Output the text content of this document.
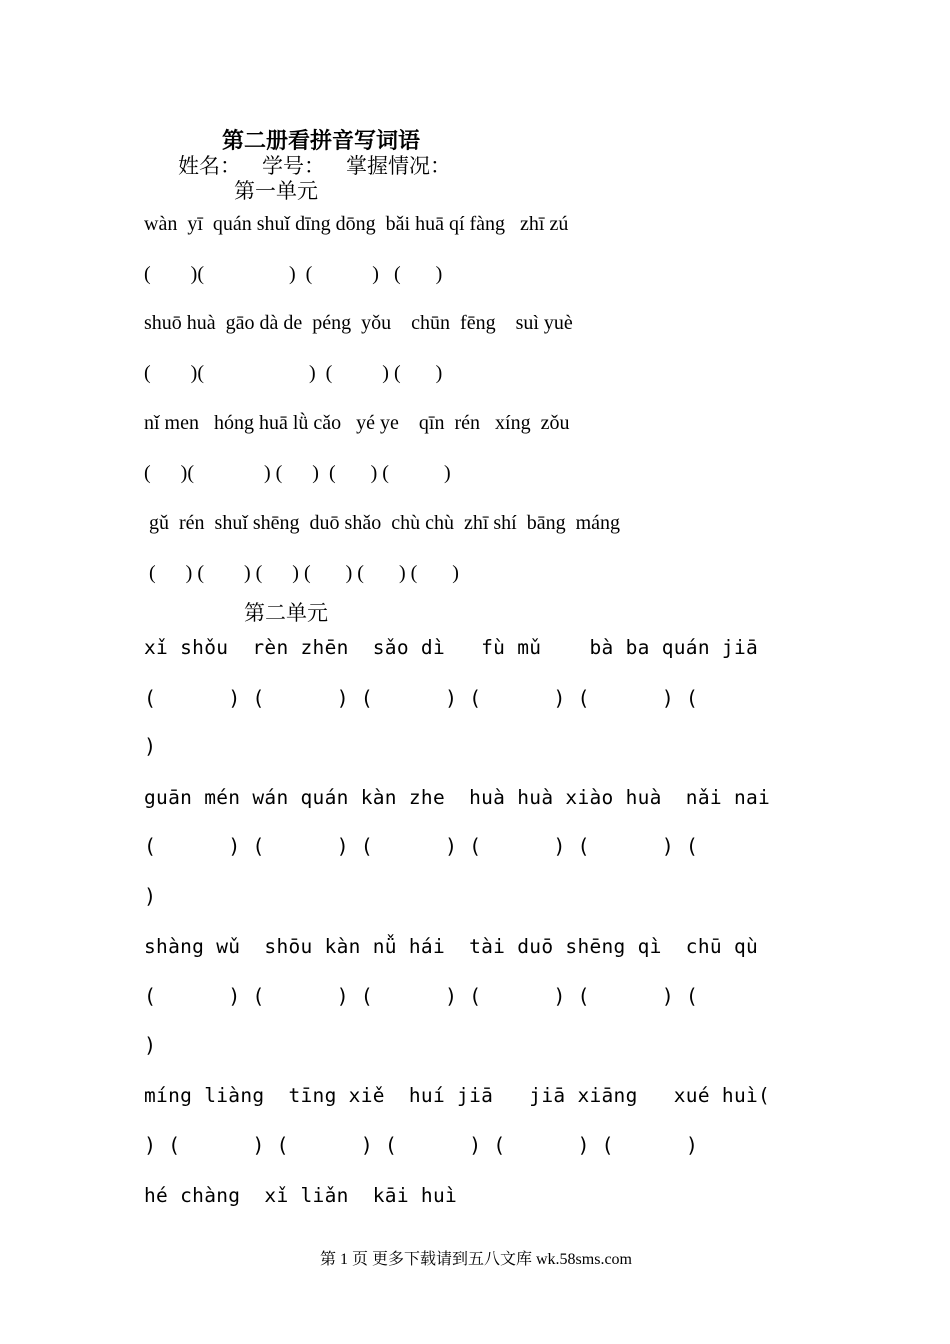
第二册看拼音写词语
姓名：    学号：    掌握情况：
第一单元
wàn  yī  quán shuǐ dīng dōng  bǎi huā qí fàng   zhī zú
(        )(                 )  (            )   (       )
shuō huà  gāo dà de  péng  yǒu    chūn  fēng    suì yuè
(        )(                     )  (          ) (       )
nǐ men   hóng huā lǜ cǎo   yé ye    qīn  rén   xíng  zǒu
(      )(              ) (      )  (       ) (           )
gǔ  rén  shuǐ shēng  duō shǎo  chù chù  zhī shí  bāng  máng
(      ) (        ) (      ) (       ) (       ) (       )
第二单元
xǐ shǒu  rèn zhēn  sǎo dì   fù mǔ    bà ba quán jiā
(      ) (      ) (      ) (      ) (      ) (
)
guān mén wán quán kàn zhe  huà huà xiào huà  nǎi nai
(      ) (      ) (      ) (      ) (      ) (
)
shàng wǔ  shōu kàn nǚ hái  tài duō shēng qì  chū qù
(      ) (      ) (      ) (      ) (      ) (
)
míng liàng  tīng xiě  huí jiā   jiā xiāng   xué huì(
) (      ) (      ) (      ) (      ) (      )
hé chàng  xǐ liǎn  kāi huì
第 1 页 更多下载请到五八文库 wk.58sms.com
